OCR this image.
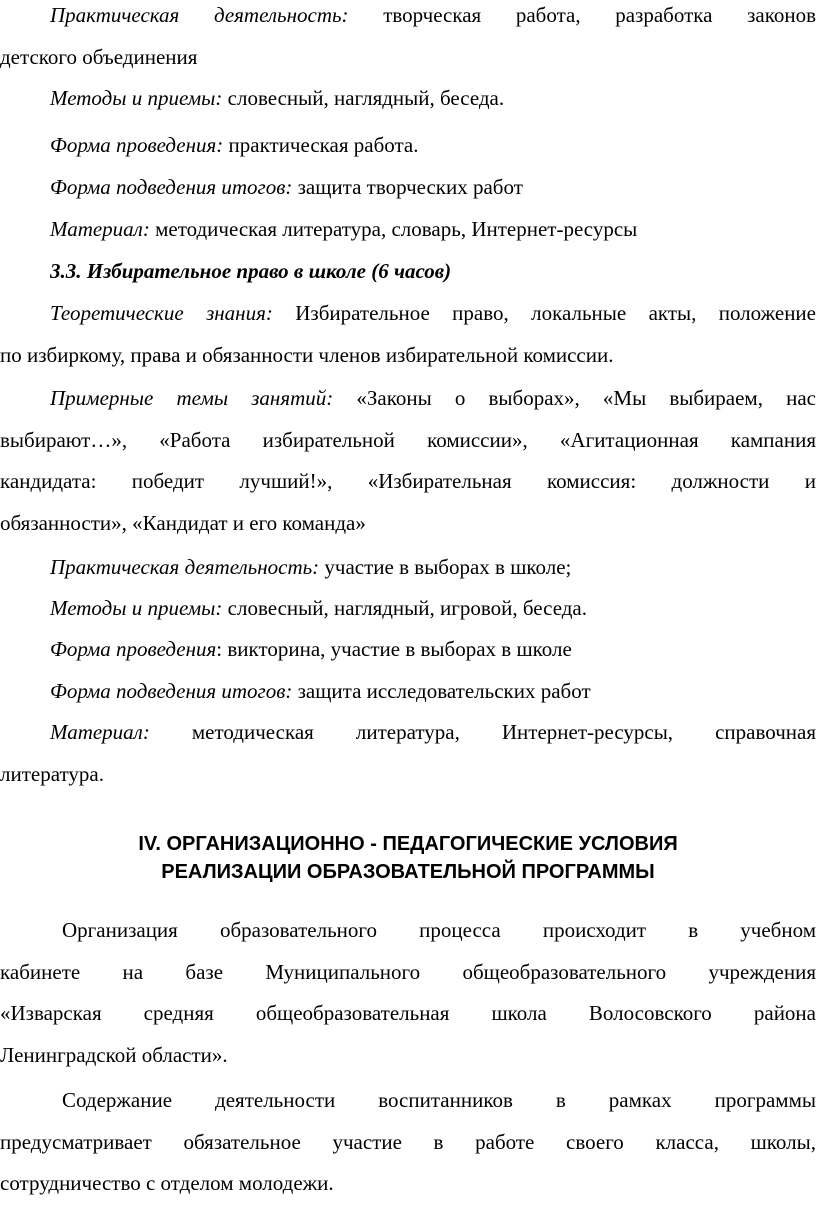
Практическая деятельность: творческая работа, разработка законов
детского объединения
Методы и приемы: словесный, наглядный, беседа.
Форма проведения: практическая работа.
Форма подведения итогов: защита творческих работ
Материал: методическая литература, словарь, Интернет-ресурсы
3.3. Избирательное право в школе (6 часов)
Теоретические знания: Избирательное право, локальные акты, положение
по избиркому, права и обязанности членов избирательной комиссии.
Примерные темы занятий: «Законы о выборах», «Мы выбираем, нас
выбирают…», «Работа избирательной комиссии», «Агитационная кампания
кандидата: победит лучший!», «Избирательная комиссия: должности и
обязанности», «Кандидат и его команда»
Практическая деятельность: участие в выборах в школе;
Методы и приемы: словесный, наглядный, игровой, беседа.
Форма проведения: викторина, участие в выборах в школе
Форма подведения итогов: защита исследовательских работ
Материал: методическая литература, Интернет-ресурсы, справочная
литература.
IV. ОРГАНИЗАЦИОННО - ПЕДАГОГИЧЕСКИЕ УСЛОВИЯ
РЕАЛИЗАЦИИ ОБРАЗОВАТЕЛЬНОЙ ПРОГРАММЫ
Организация образовательного процесса происходит в учебном
кабинете на базе Муниципального общеобразовательного учреждения
«Изварская средняя общеобразовательная школа Волосовского района
Ленинградской области».
Содержание деятельности воспитанников в рамках программы
предусматривает обязательное участие в работе своего класса, школы,
сотрудничество с отделом молодежи.
